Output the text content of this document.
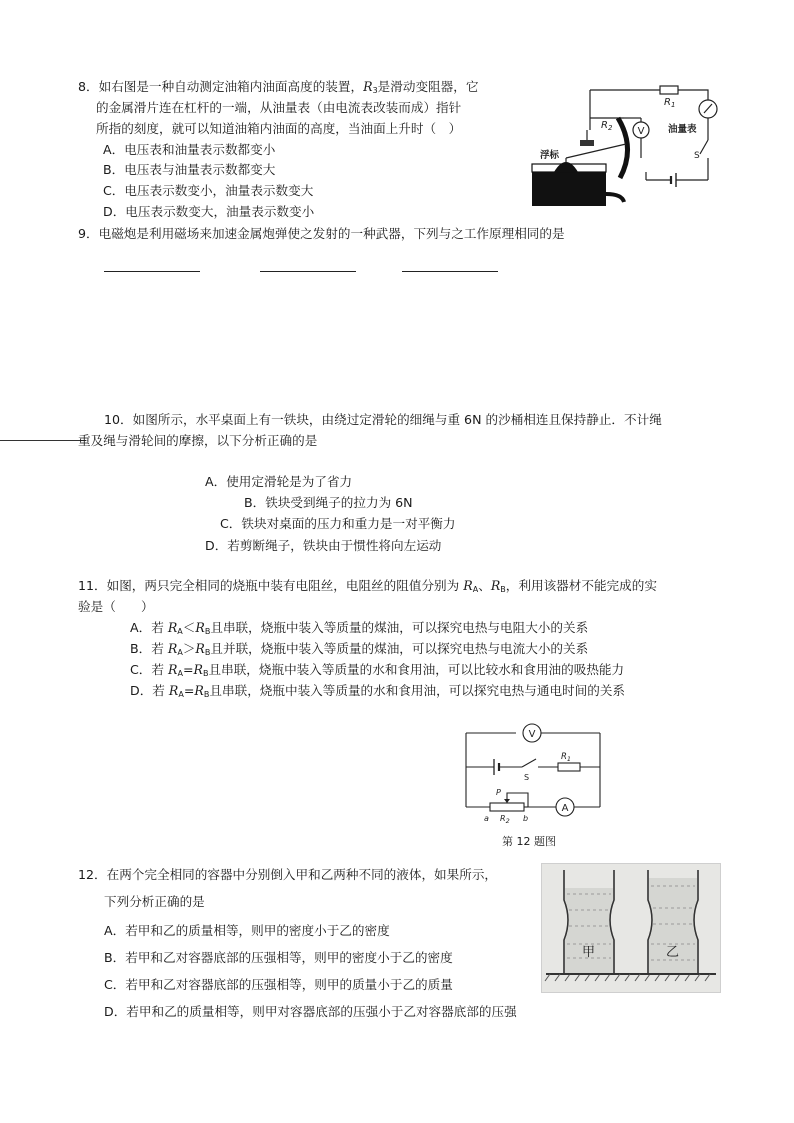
8．如右图是一种自动测定油箱内油面高度的装置，$R_3$是滑动变阻器，它
的金属滑片连在杠杆的一端，从油量表（由电流表改装而成）指针
所指的刻度，就可以知道油箱内油面的高度，当油面上升时（　）
A．电压表和油量表示数都变小
B．电压表与油量表示数都变大
C．电压表示数变小，油量表示数变大
D．电压表示数变大，油量表示数变小
V
$R_1$
$R_2$	油量表
S
浮标
9．电磁炮是利用磁场来加速金属炮弹使之发射的一种武器，下列与之工作原理相同的是
10．如图所示，水平桌面上有一铁块，由绕过定滑轮的细绳与重 6N 的沙桶相连且保持静止．不计绳
重及绳与滑轮间的摩擦，以下分析正确的是
A．使用定滑轮是为了省力
B．铁块受到绳子的拉力为 6N
C．铁块对桌面的压力和重力是一对平衡力
D．若剪断绳子，铁块由于惯性将向左运动
11．如图，两只完全相同的烧瓶中装有电阻丝，电阻丝的阻值分别为 $R_A$、$R_B$，利用该器材不能完成的实
验是（　　）
A．若 $R_A<R_B$且串联，烧瓶中装入等质量的煤油，可以探究电热与电阻大小的关系
B．若 $R_A>R_B$且并联，烧瓶中装入等质量的煤油，可以探究电热与电流大小的关系
C．若 $R_A=R_B$且串联，烧瓶中装入等质量的水和食用油，可以比较水和食用油的吸热能力
D．若 $R_A=R_B$且串联，烧瓶中装入等质量的水和食用油，可以探究电热与通电时间的关系
V
S
$R_1$
A
P
a $R_2$ b
第 12 题图
12．在两个完全相同的容器中分别倒入甲和乙两种不同的液体，如果所示，
下列分析正确的是
A．若甲和乙的质量相等，则甲的密度小于乙的密度
B．若甲和乙对容器底部的压强相等，则甲的密度小于乙的密度
C．若甲和乙对容器底部的压强相等，则甲的质量小于乙的质量
D．若甲和乙的质量相等，则甲对容器底部的压强小于乙对容器底部的压强
甲	乙
